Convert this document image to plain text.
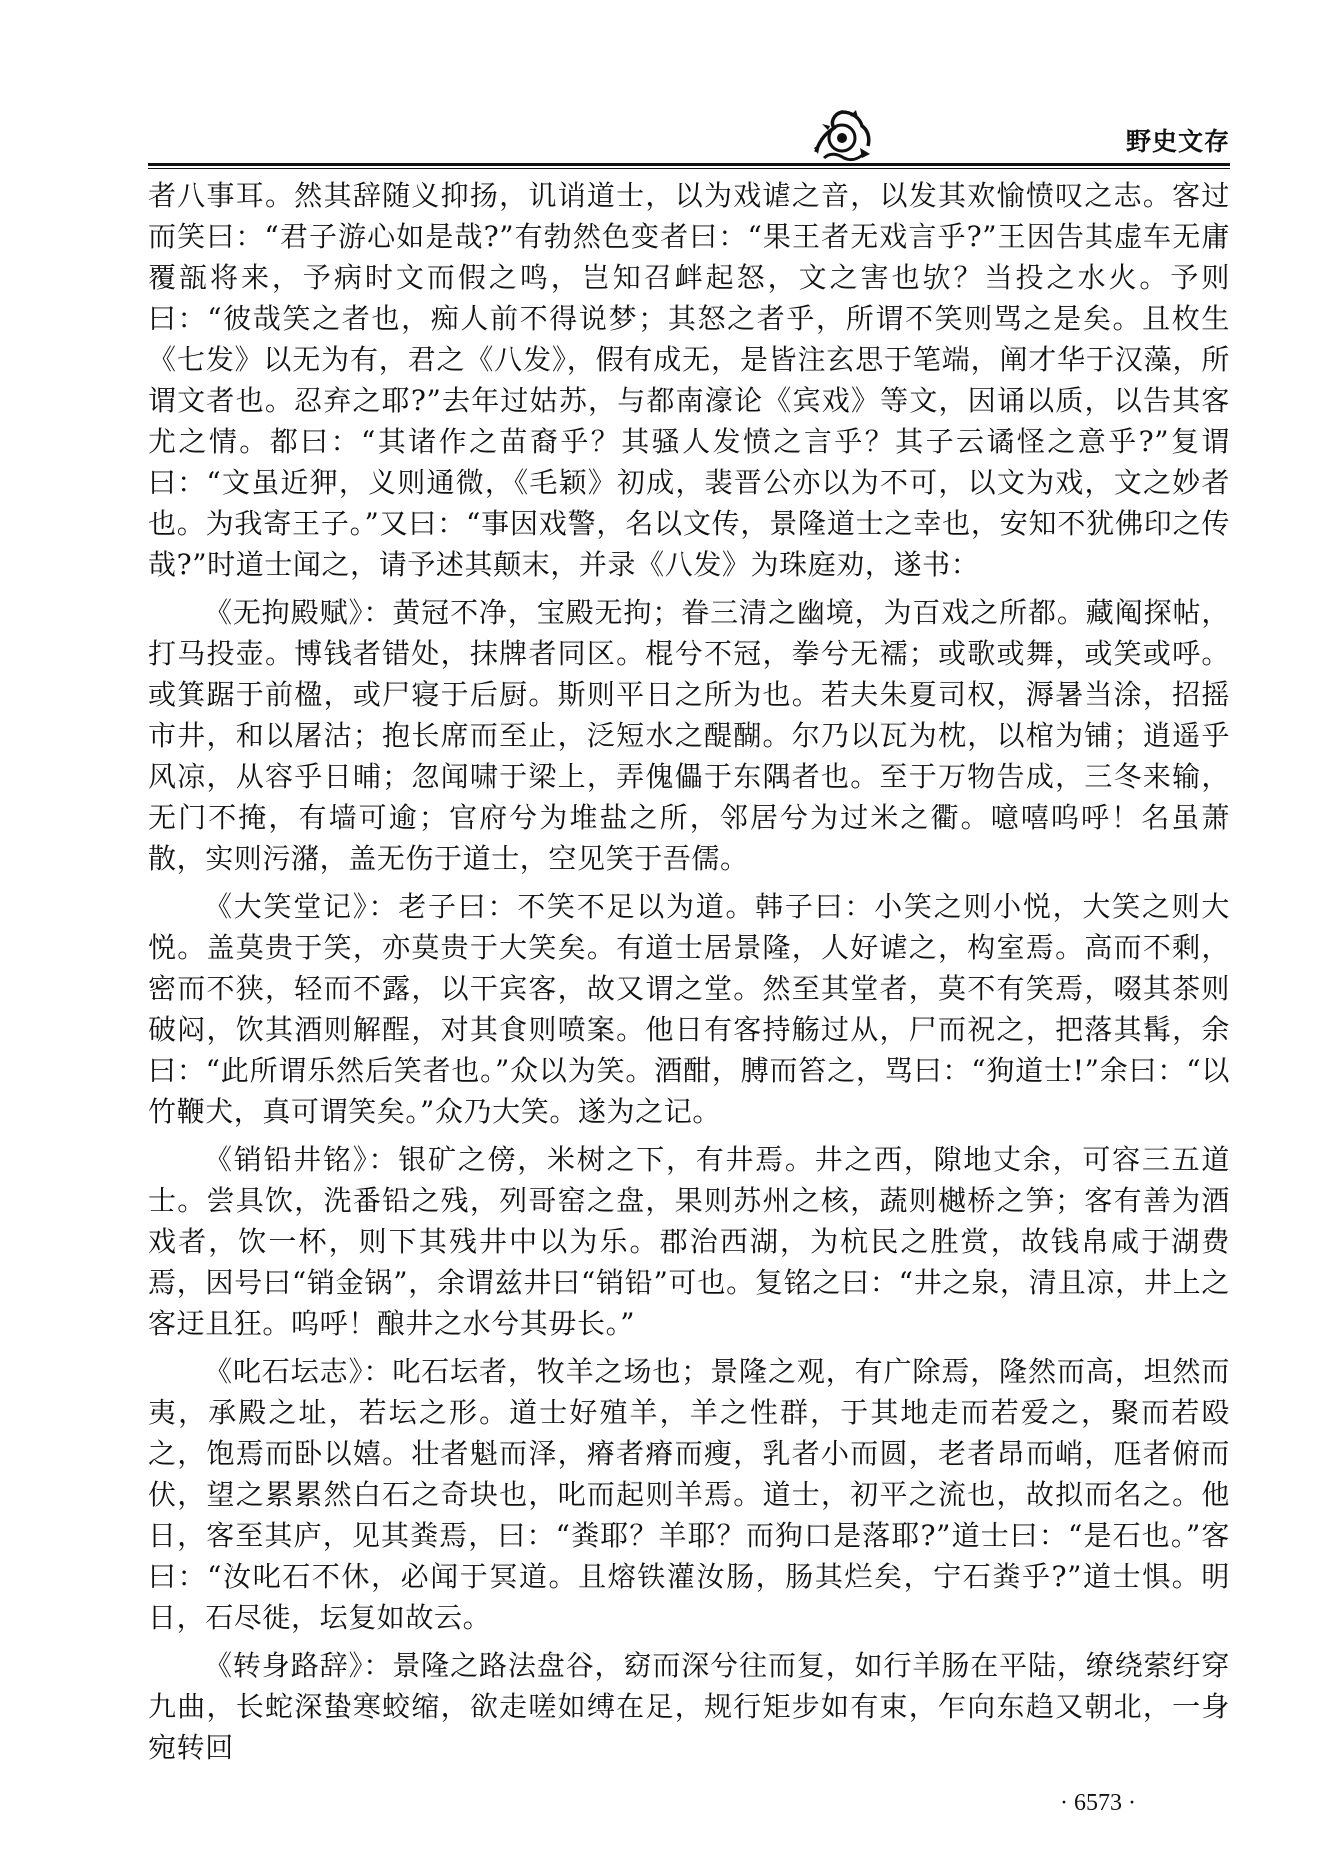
野史文存

者八事耳。然其辞随义抑扬，讥诮道士，以为戏谑之音，以发其欢愉愤叹之志。客过而笑曰：“君子游心如是哉?”有勃然色变者曰：“果王者无戏言乎?”王因告其虚车无庸覆瓿将来，予病时文而假之鸣，岂知召衅起怒，文之害也欤？当投之水火。予则曰：“彼哉笑之者也，痴人前不得说梦；其怒之者乎，所谓不笑则骂之是矣。且枚生《七发》以无为有，君之《八发》，假有成无，是皆注玄思于笔端，阐才华于汉藻，所谓文者也。忍弃之耶?”去年过姑苏，与都南濠论《宾戏》等文，因诵以质，以告其客尤之情。都曰：“其诸作之苗裔乎？其骚人发愤之言乎？其子云谲怪之意乎?”复谓曰：“文虽近狎，义则通微，《毛颖》初成，裴晋公亦以为不可，以文为戏，文之妙者也。为我寄王子。”又曰：“事因戏警，名以文传，景隆道士之幸也，安知不犹佛印之传哉?”时道士闻之，请予述其颠末，并录《八发》为珠庭劝，遂书：

《无拘殿赋》：黄冠不净，宝殿无拘；眷三清之幽境，为百戏之所都。藏阄探帖，打马投壶。博钱者错处，抹牌者同区。棍兮不冠，拳兮无襦；或歌或舞，或笑或呼。或箕踞于前楹，或尸寝于后厨。斯则平日之所为也。若夫朱夏司权，溽暑当涂，招摇市井，和以屠沽；抱长席而至止，泛短水之醍醐。尔乃以瓦为枕，以棺为铺；逍遥乎风凉，从容乎日晡；忽闻啸于梁上，弄傀儡于东隅者也。至于万物告成，三冬来输，无门不掩，有墙可逾；官府兮为堆盐之所，邻居兮为过米之衢。噫嘻呜呼！名虽萧散，实则污潴，盖无伤于道士，空见笑于吾儒。

《大笑堂记》：老子曰：不笑不足以为道。韩子曰：小笑之则小悦，大笑之则大悦。盖莫贵于笑，亦莫贵于大笑矣。有道士居景隆，人好谑之，构室焉。高而不剩，密而不狭，轻而不露，以干宾客，故又谓之堂。然至其堂者，莫不有笑焉，啜其茶则破闷，饮其酒则解酲，对其食则喷案。他日有客持觞过从，尸而祝之，把落其髯，余曰：“此所谓乐然后笑者也。”众以为笑。酒酣，膊而笞之，骂曰：“狗道士!”余曰：“以竹鞭犬，真可谓笑矣。”众乃大笑。遂为之记。

《销铅井铭》：银矿之傍，米树之下，有井焉。井之西，隙地丈余，可容三五道士。尝具饮，洗番铅之残，列哥窑之盘，果则苏州之核，蔬则樾桥之笋；客有善为酒戏者，饮一杯，则下其残井中以为乐。郡治西湖，为杭民之胜赏，故钱帛咸于湖费焉，因号曰“销金锅”，余谓兹井曰“销铅”可也。复铭之曰：“井之泉，清且凉，井上之客迂且狂。呜呼！酿井之水兮其毋长。”

《叱石坛志》：叱石坛者，牧羊之场也；景隆之观，有广除焉，隆然而高，坦然而夷，承殿之址，若坛之形。道士好殖羊，羊之性群，于其地走而若爱之，聚而若殴之，饱焉而卧以嬉。壮者魁而泽，瘠者瘠而瘦，乳者小而圆，老者昂而峭，尫者俯而伏，望之累累然白石之奇块也，叱而起则羊焉。道士，初平之流也，故拟而名之。他日，客至其庐，见其粪焉，曰：“粪耶？羊耶？而狗口是落耶?”道士曰：“是石也。”客曰：“汝叱石不休，必闻于冥道。且熔铁灌汝肠，肠其烂矣，宁石粪乎?”道士惧。明日，石尽徙，坛复如故云。

《转身路辞》：景隆之路法盘谷，窈而深兮往而复，如行羊肠在平陆，缭绕萦纡穿九曲，长蛇深蛰寒蛟缩，欲走嗟如缚在足，规行矩步如有束，乍向东趋又朝北，一身宛转回

· 6573 ·
